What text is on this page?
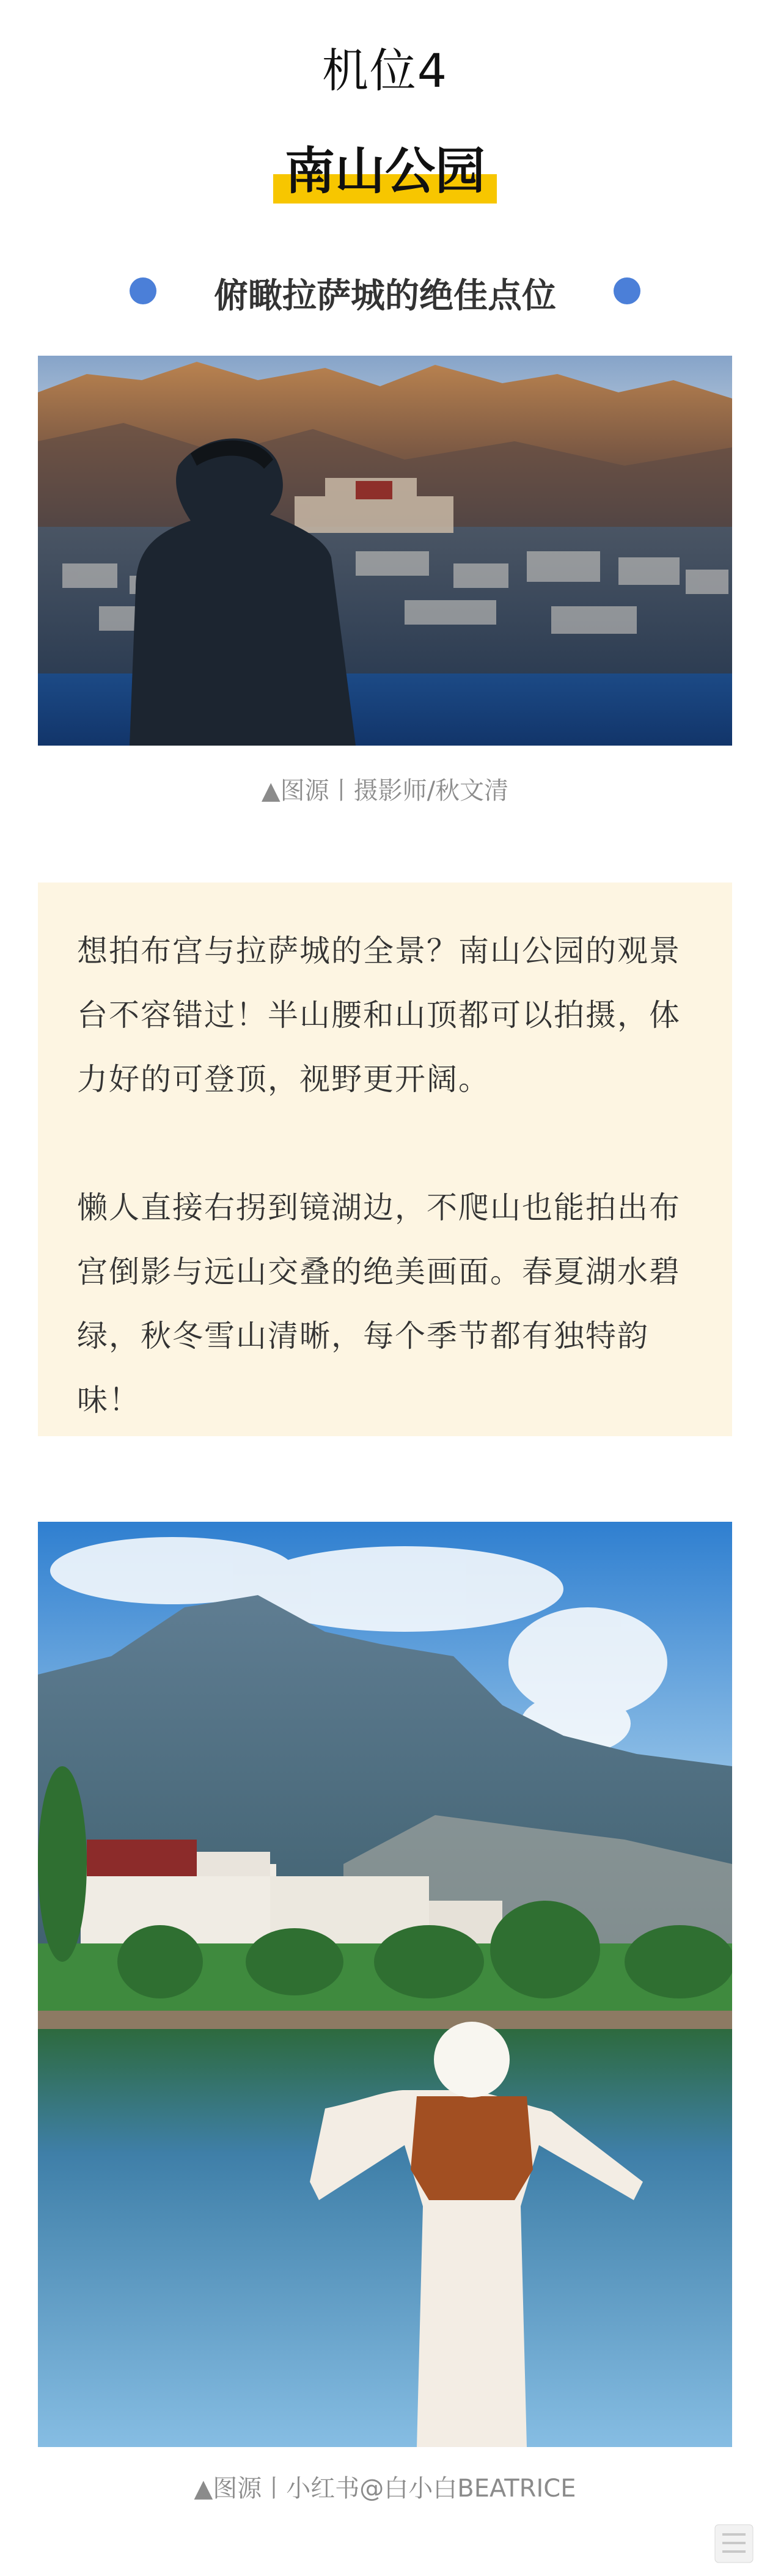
机位4
南山公园
俯瞰拉萨城的绝佳点位
▲图源丨摄影师/秋文清

想拍布宫与拉萨城的全景？南山公园的观景台不容错过！半山腰和山顶都可以拍摄，体力好的可登顶，视野更开阔。

懒人直接右拐到镜湖边，不爬山也能拍出布宫倒影与远山交叠的绝美画面。春夏湖水碧绿，秋冬雪山清晰，每个季节都有独特韵味！

▲图源丨小红书@白小白BEATRICE
